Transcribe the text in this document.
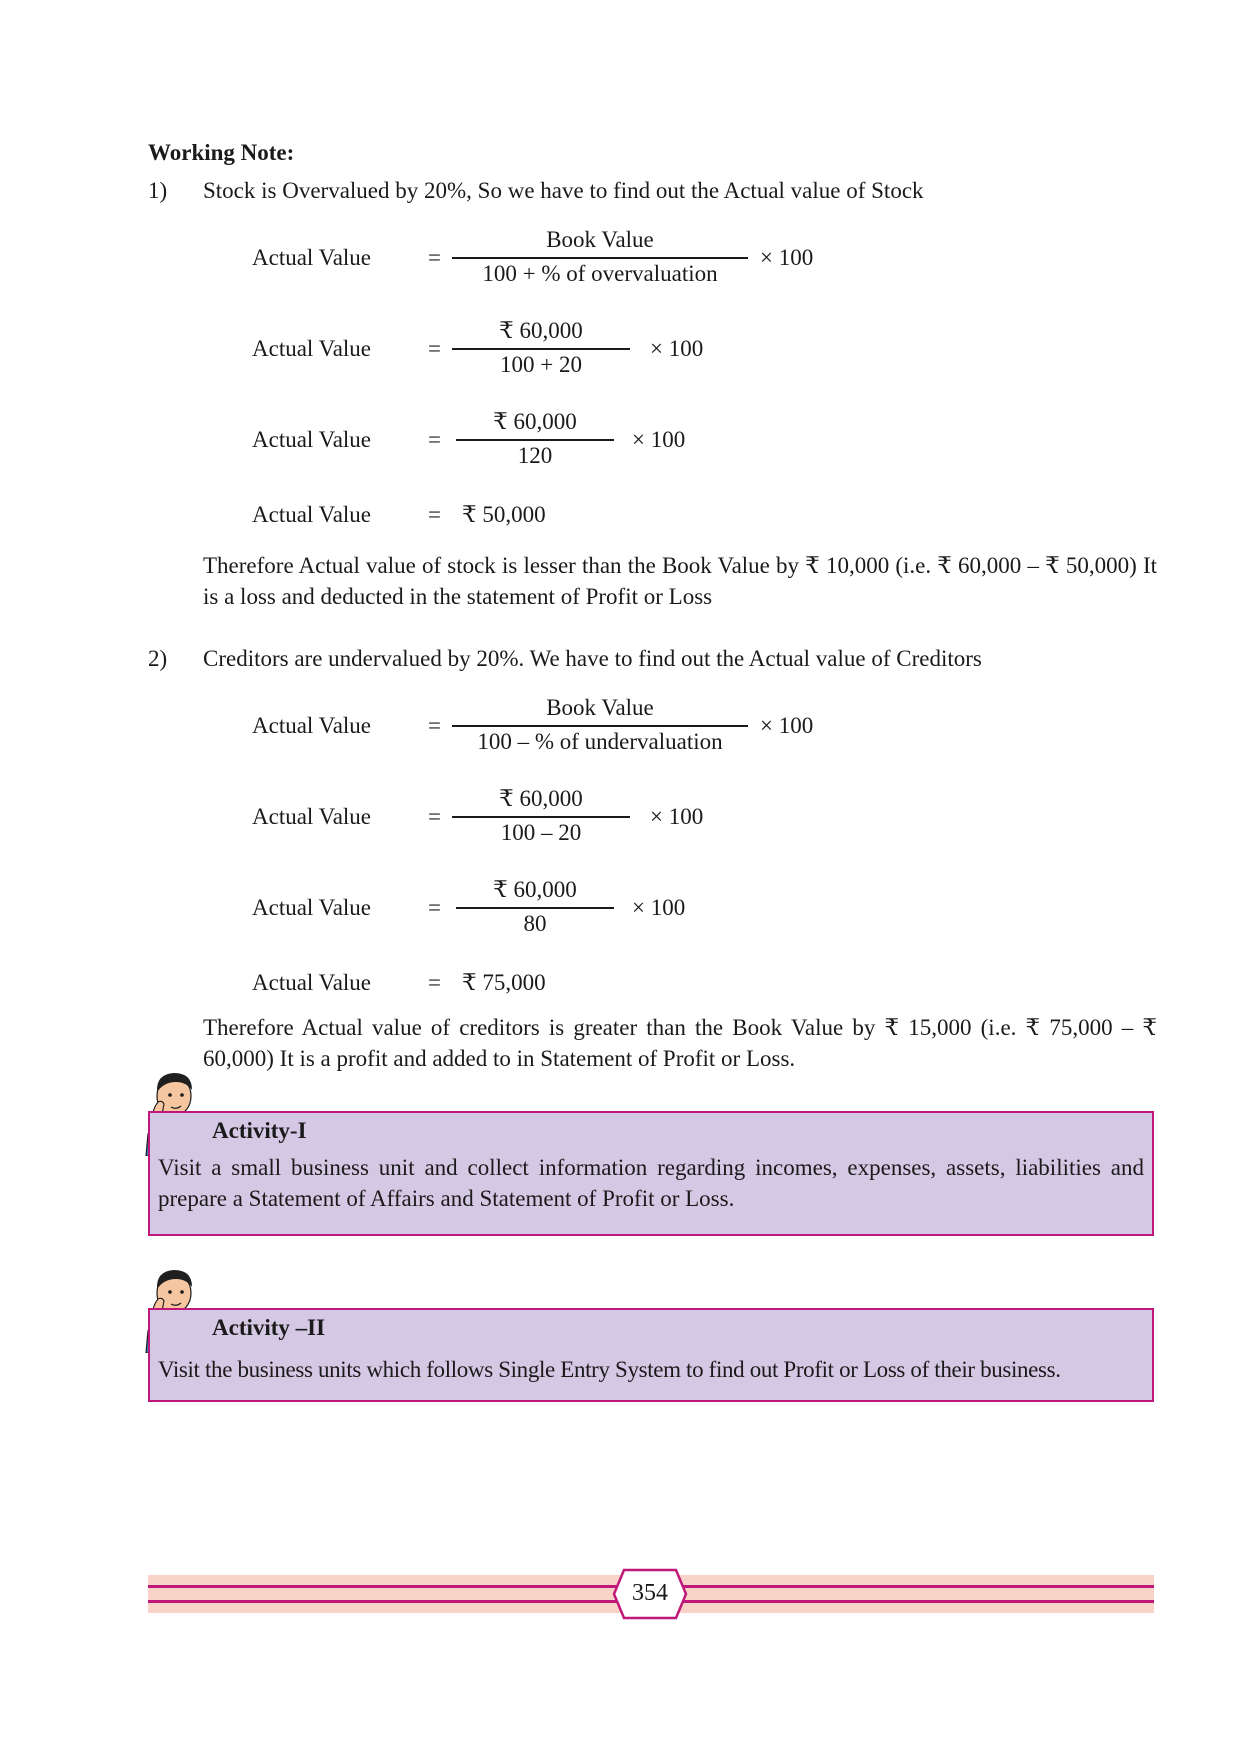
Working Note:
1) Stock is Overvalued by 20%, So we have to find out the Actual value of Stock
Actual Value =
Book Value
100 + % of overvaluation
× 100
Actual Value =
₹ 60,000
100 + 20
× 100
Actual Value =
₹ 60,000
120
× 100
Actual Value = ₹ 50,000
Therefore Actual value of stock is lesser than the Book Value by ₹ 10,000 (i.e. ₹ 60,000 – ₹ 50,000) It is a loss and deducted in the statement of Profit or Loss
2) Creditors are undervalued by 20%. We have to find out the Actual value of Creditors
Actual Value =
Book Value
100 – % of undervaluation
× 100
Actual Value =
₹ 60,000
100 – 20
× 100
Actual Value =
₹ 60,000
80
× 100
Actual Value = ₹ 75,000
Therefore Actual value of creditors is greater than the Book Value by ₹ 15,000 (i.e. ₹ 75,000 – ₹ 60,000) It is a profit and added to in Statement of Profit or Loss.
Activity-I
Visit a small business unit and collect information regarding incomes, expenses, assets, liabilities and prepare a Statement of Affairs and Statement of Profit or Loss.
Activity –II
Visit the business units which follows Single Entry System to find out Profit or Loss of their business.
354
